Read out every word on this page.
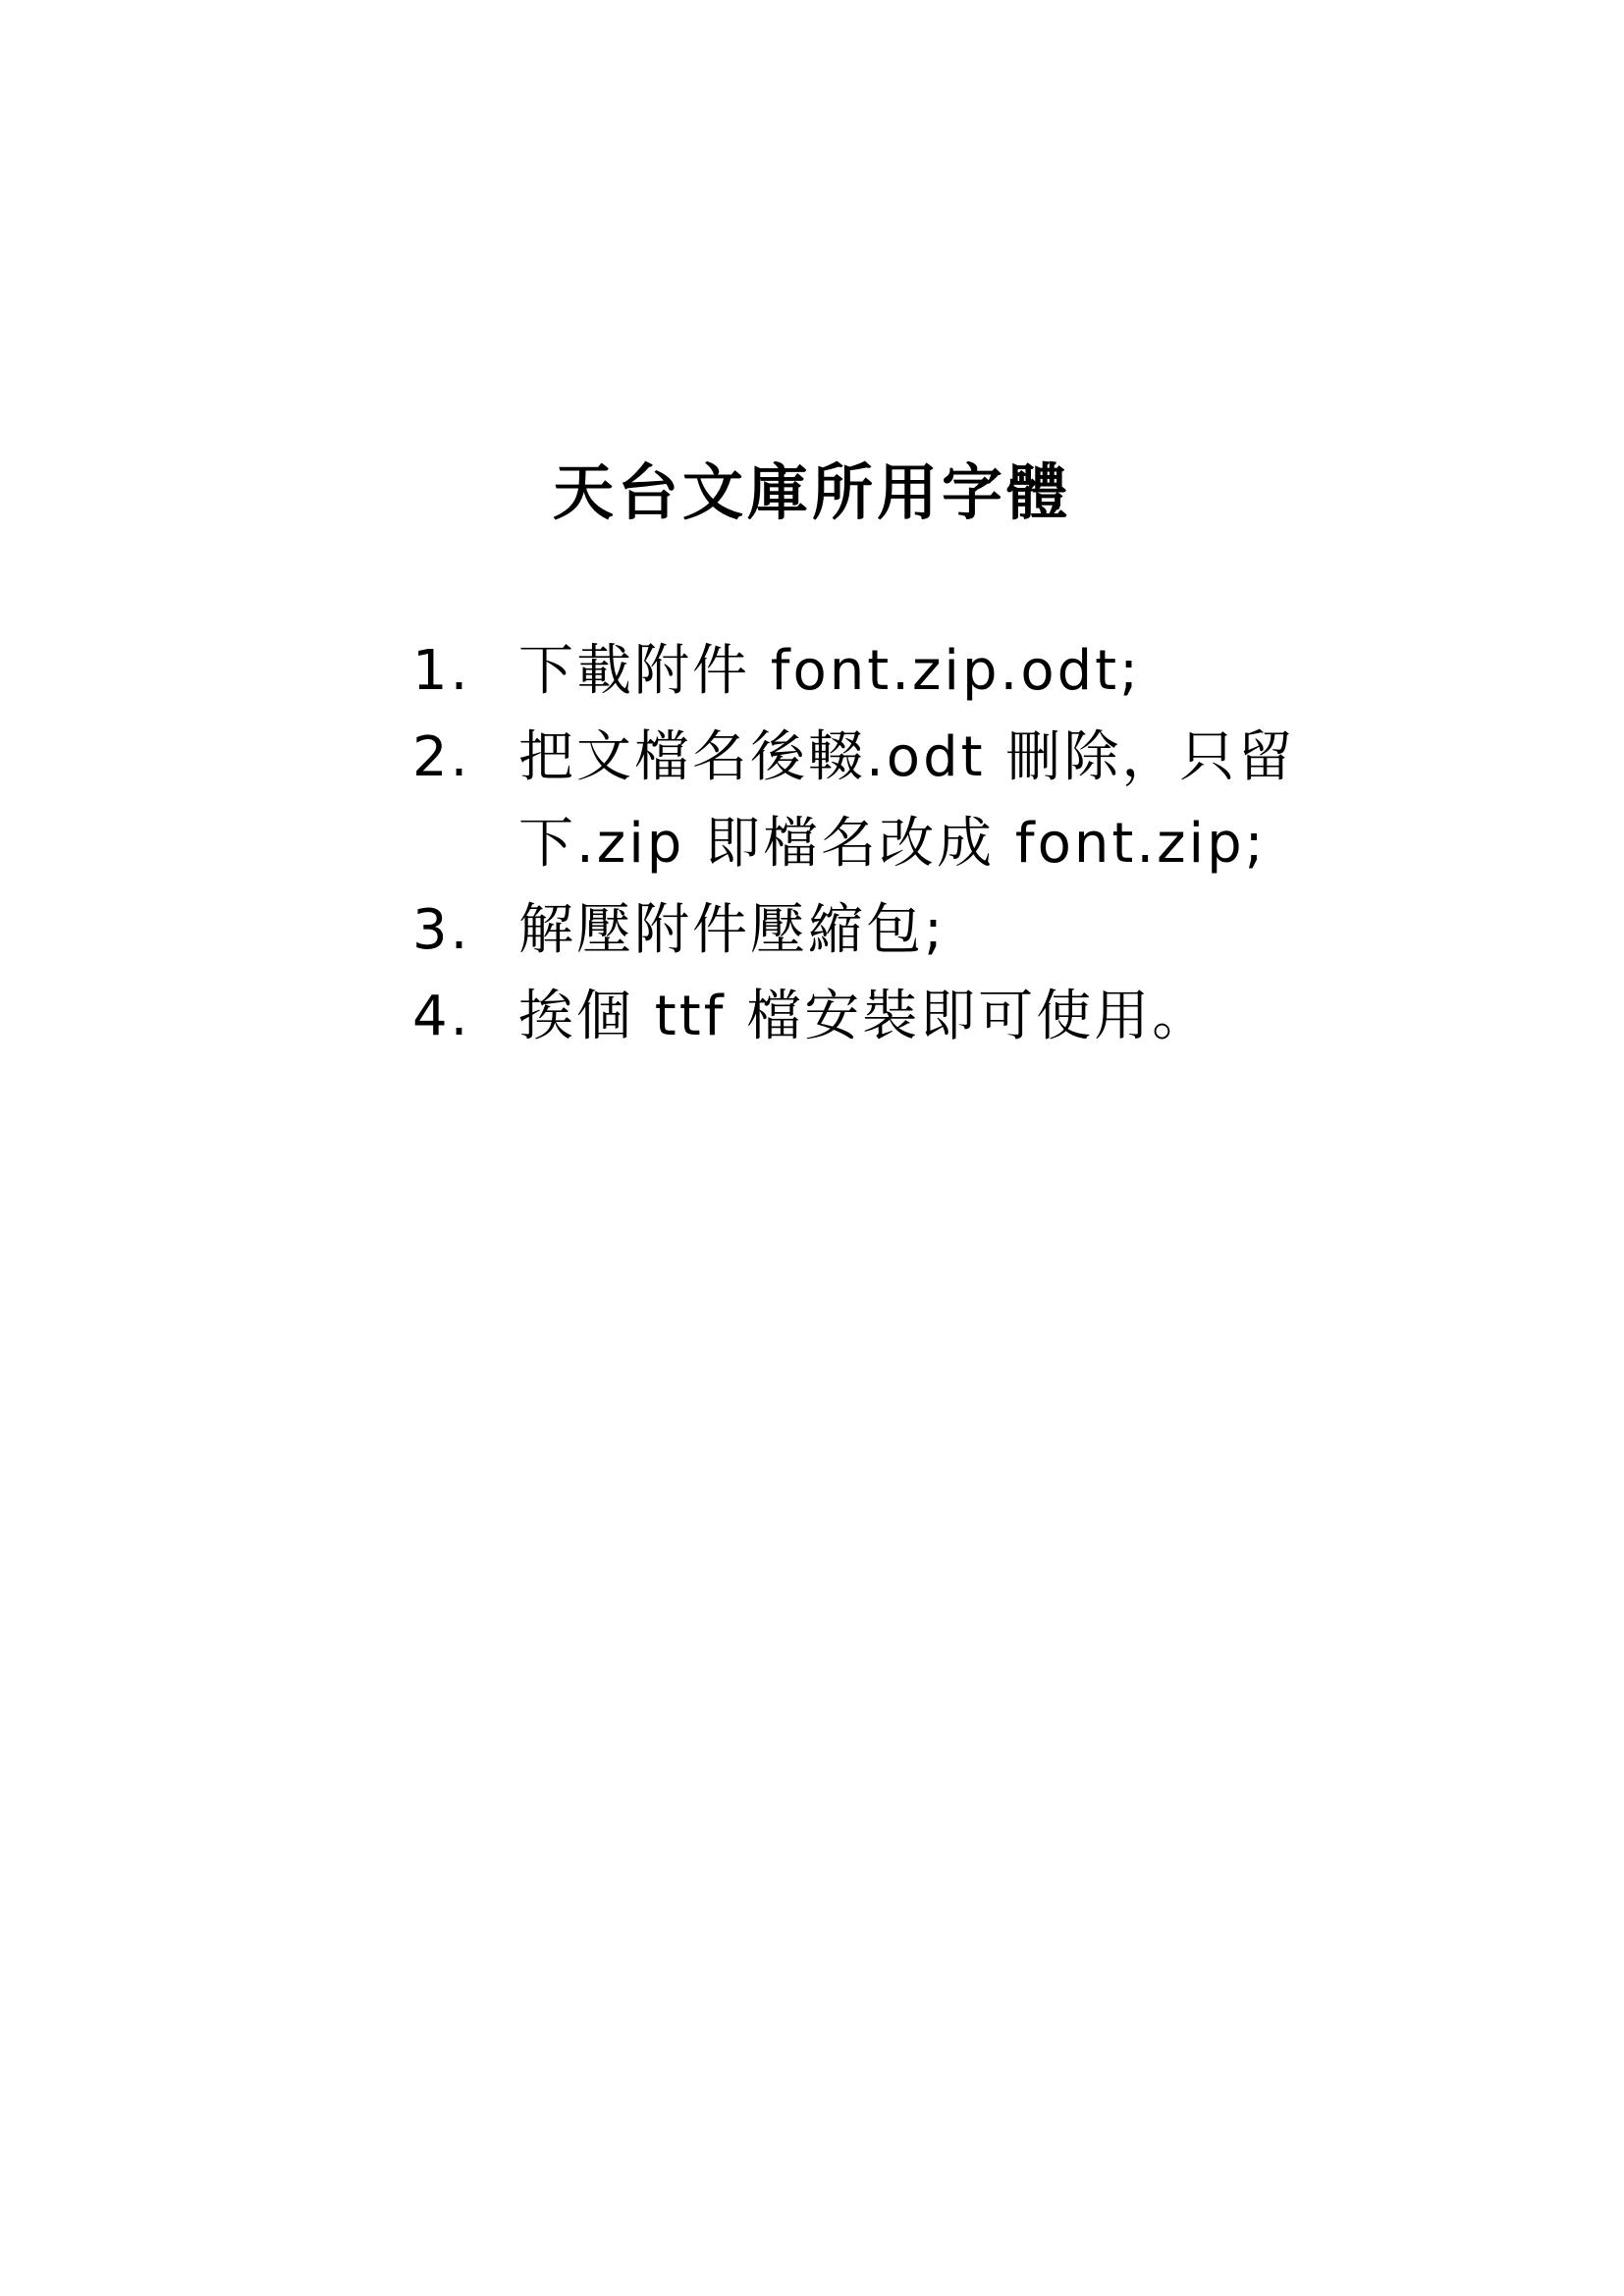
天台文庫所用字體
1. 下載附件 font.zip.odt;
2. 把文檔名後輟.odt 刪除，只留下.zip 即檔名改成 font.zip;
3. 解壓附件壓縮包;
4. 挨個 ttf 檔安裝即可使用。
